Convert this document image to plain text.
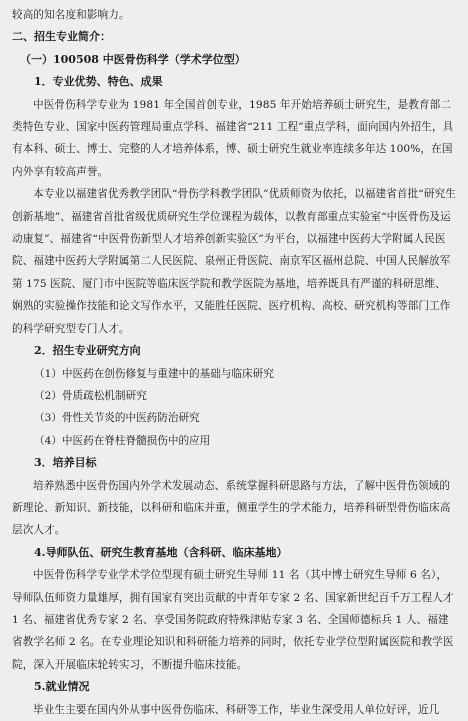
较高的知名度和影响力。

二、招生专业简介：

（一）100508 中医骨伤科学（学术学位型）

1．专业优势、特色、成果

中医骨伤科学专业为 1981 年全国首创专业，1985 年开始培养硕士研究生，是教育部二类特色专业、国家中医药管理局重点学科、福建省“211 工程”重点学科，面向国内外招生，具有本科、硕士、博士、完整的人才培养体系，博、硕士研究生就业率连续多年达 100%，在国内外享有较高声誉。

本专业以福建省优秀教学团队“骨伤学科教学团队”优质师资为依托，以福建省首批“研究生创新基地”、福建省首批省级优质研究生学位课程为载体，以教育部重点实验室“中医骨伤及运动康复”、福建省“中医骨伤新型人才培养创新实验区”为平台，以福建中医药大学附属人民医院、福建中医药大学附属第二人民医院、泉州正骨医院、南京军区福州总院、中国人民解放军第 175 医院、厦门市中医院等临床医学院和教学医院为基地，培养既具有严谨的科研思维、娴熟的实验操作技能和论文写作水平，又能胜任医院、医疗机构、高校、研究机构等部门工作的科学研究型专门人才。

2．招生专业研究方向

（1）中医药在创伤修复与重建中的基础与临床研究

（2）骨质疏松机制研究

（3）骨性关节炎的中医药防治研究

（4）中医药在脊柱脊髓损伤中的应用

3．培养目标

培养熟悉中医骨伤国内外学术发展动态、系统掌握科研思路与方法，了解中医骨伤领域的新理论、新知识、新技能，以科研和临床并重，侧重学生的学术能力，培养科研型骨伤临床高层次人才。

4.导师队伍、研究生教育基地（含科研、临床基地）

中医骨伤科学专业学术学位型现有硕士研究生导师 11 名（其中博士研究生导师 6 名），导师队伍师资力量雄厚，拥有国家有突出贡献的中青年专家 2 名、国家新世纪百千万工程人才 1 名、福建省优秀专家 2 名、享受国务院政府特殊津贴专家 3 名、全国师德标兵 1 人、福建省教学名师 2 名。在专业理论知识和科研能力培养的同时，依托专业学位型附属医院和教学医院，深入开展临床轮转实习，不断提升临床技能。

5.就业情况

毕业生主要在国内外从事中医骨伤临床、科研等工作，毕业生深受用人单位好评，近几
